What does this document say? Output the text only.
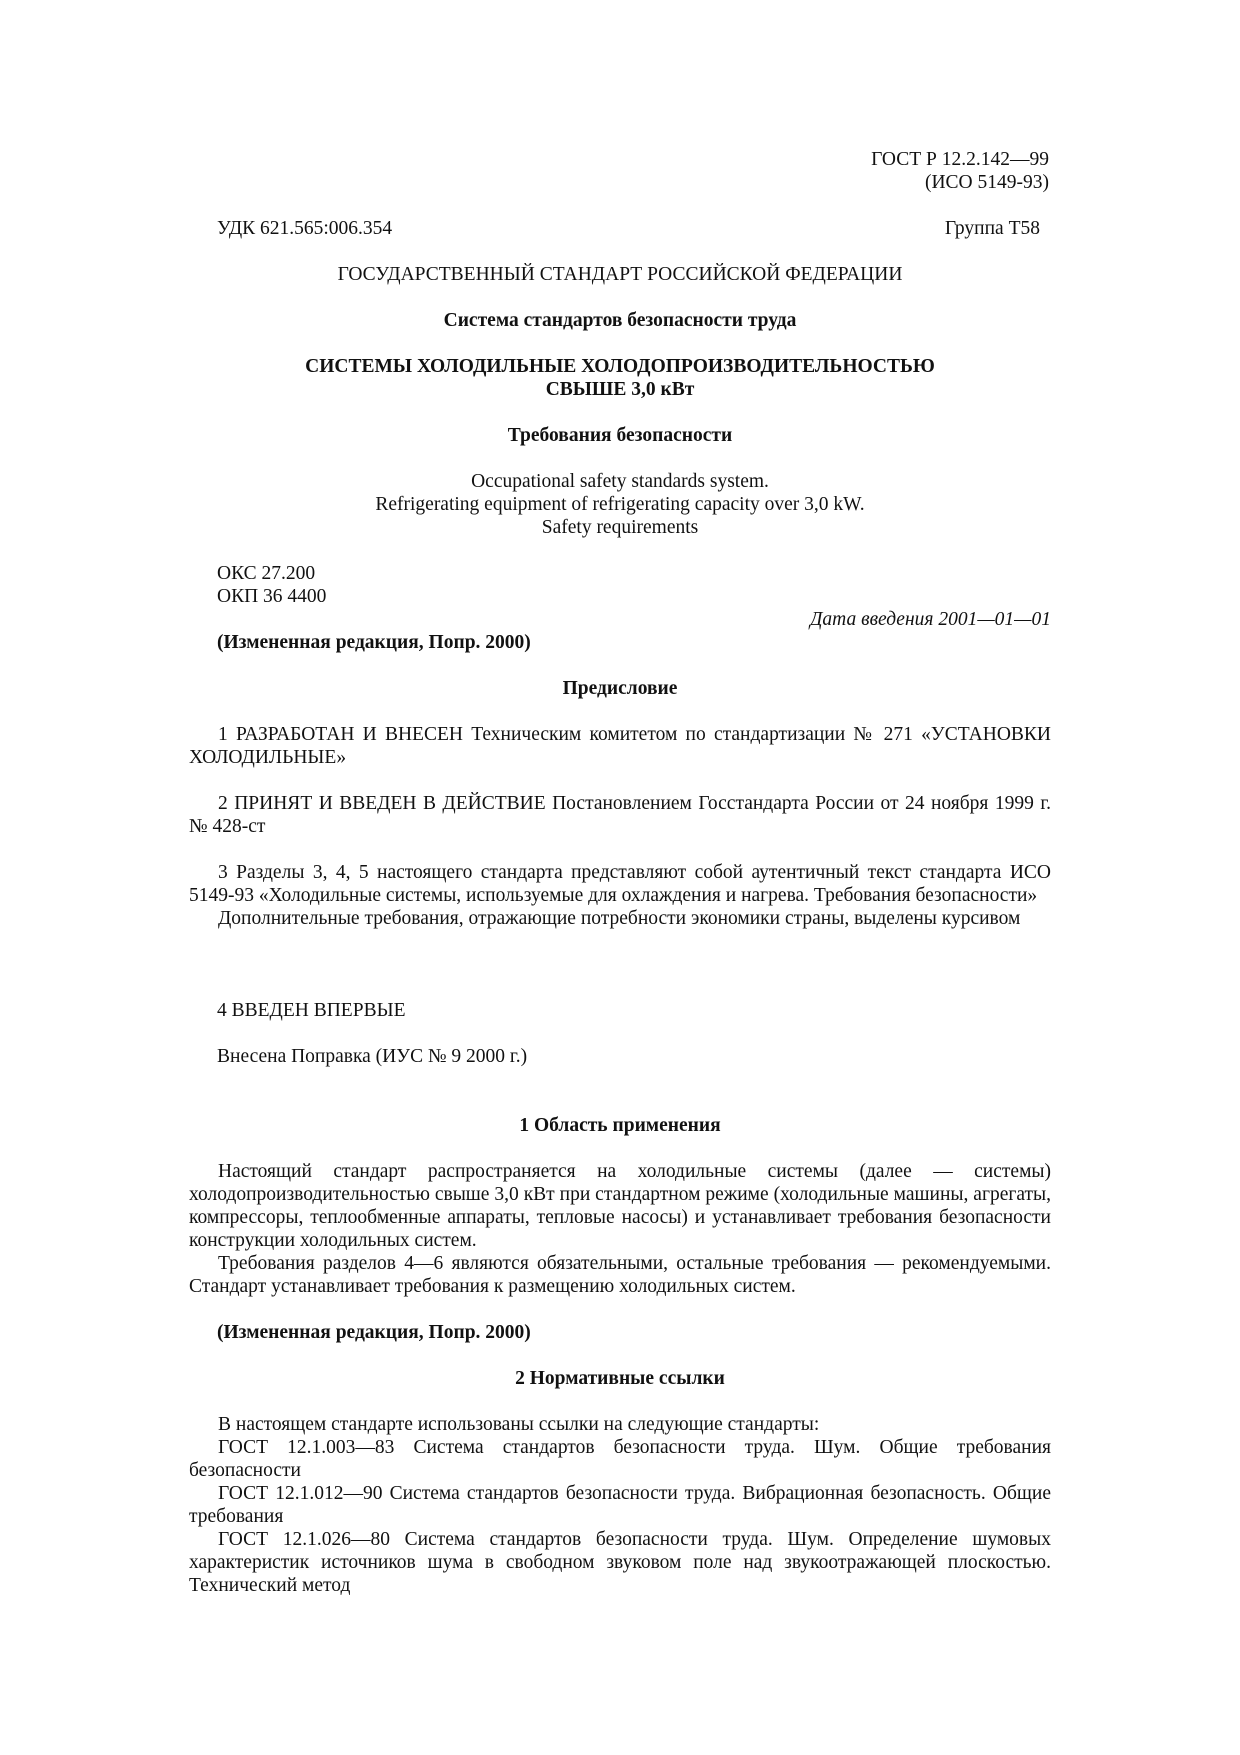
ГОСТ Р 12.2.142—99

(ИСО 5149-93)

УДК 621.565:006.354	Группа Т58

ГОСУДАРСТВЕННЫЙ СТАНДАРТ РОССИЙСКОЙ ФЕДЕРАЦИИ

Система стандартов безопасности труда

СИСТЕМЫ ХОЛОДИЛЬНЫЕ ХОЛОДОПРОИЗВОДИТЕЛЬНОСТЬЮ

СВЫШЕ 3,0 кВт

Требования безопасности

Occupational safety standards system.

Refrigerating equipment of refrigerating capacity over 3,0 kW.

Safety requirements

ОКС 27.200

ОКП 36 4400

Дата введения 2001—01—01

(Измененная редакция, Попр. 2000)

Предисловие

1 РАЗРАБОТАН И ВНЕСЕН Техническим комитетом по стандартизации № 271 «УСТАНОВКИ ХОЛОДИЛЬНЫЕ»

2 ПРИНЯТ И ВВЕДЕН В ДЕЙСТВИЕ Постановлением Госстандарта России от 24 ноября 1999 г. № 428-ст

3 Разделы 3, 4, 5 настоящего стандарта представляют собой аутентичный текст стандарта ИСО 5149-93 «Холодильные системы, используемые для охлаждения и нагрева. Требования безопасности»

Дополнительные требования, отражающие потребности экономики страны, выделены курсивом

4 ВВЕДЕН ВПЕРВЫЕ

Внесена Поправка (ИУС № 9 2000 г.)

1 Область применения

Настоящий стандарт распространяется на холодильные системы (далее — системы) холодопроизводительностью свыше 3,0 кВт при стандартном режиме (холодильные машины, агрегаты, компрессоры, теплообменные аппараты, тепловые насосы) и устанавливает требования безопасности конструкции холодильных систем.

Требования разделов 4—6 являются обязательными, остальные требования — рекомендуемыми. Стандарт устанавливает требования к размещению холодильных систем.

(Измененная редакция, Попр. 2000)

2 Нормативные ссылки

В настоящем стандарте использованы ссылки на следующие стандарты:

ГОСТ 12.1.003—83 Система стандартов безопасности труда. Шум. Общие требования безопасности

ГОСТ 12.1.012—90 Система стандартов безопасности труда. Вибрационная безопасность. Общие требования

ГОСТ 12.1.026—80 Система стандартов безопасности труда. Шум. Определение шумовых характеристик источников шума в свободном звуковом поле над звукоотражающей плоскостью. Технический метод
